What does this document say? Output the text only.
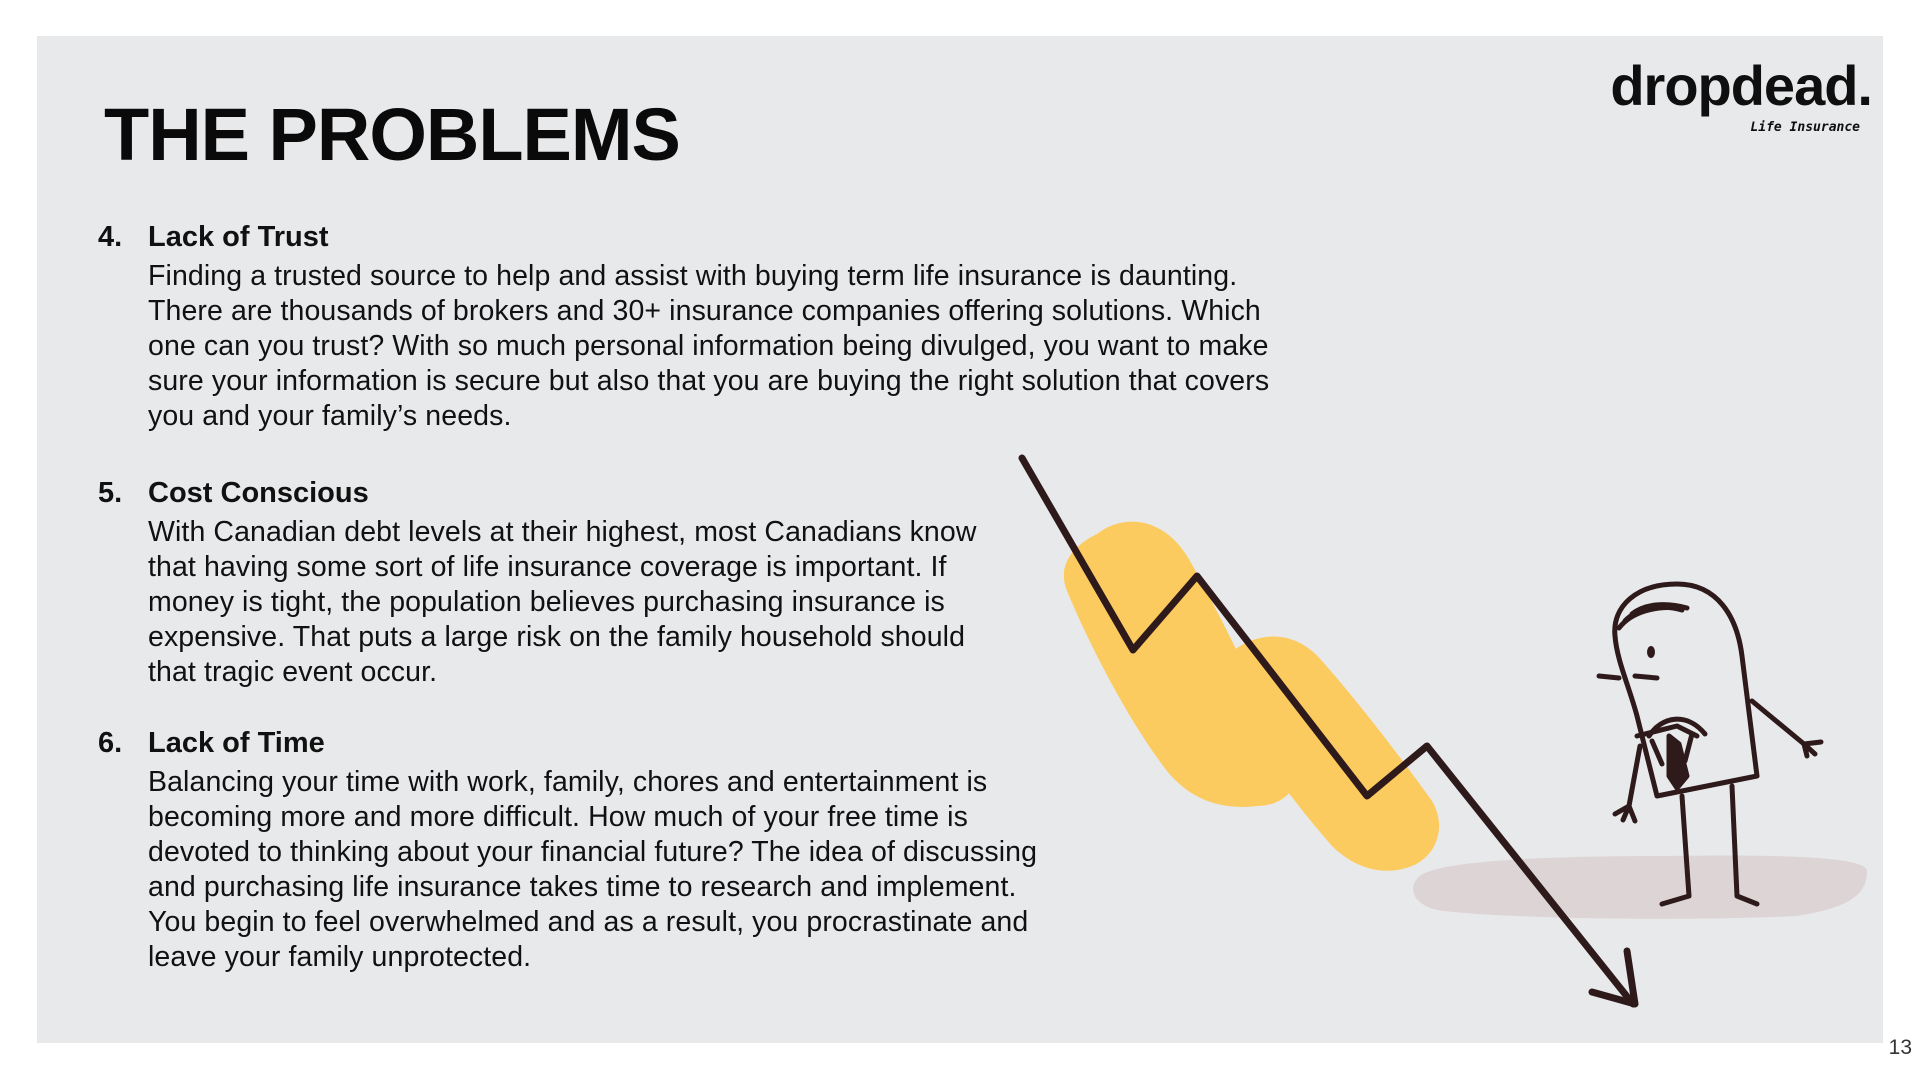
THE PROBLEMS
dropdead.
Life Insurance
4. Lack of Trust

Finding a trusted source to help and assist with buying term life insurance is daunting. There are thousands of brokers and 30+ insurance companies offering solutions. Which one can you trust? With so much personal information being divulged, you want to make sure your information is secure but also that you are buying the right solution that covers you and your family’s needs.

5. Cost Conscious

With Canadian debt levels at their highest, most Canadians know that having some sort of life insurance coverage is important. If money is tight, the population believes purchasing insurance is expensive. That puts a large risk on the family household should that tragic event occur.

6. Lack of Time

Balancing your time with work, family, chores and entertainment is becoming more and more difficult. How much of your free time is devoted to thinking about your financial future? The idea of discussing and purchasing life insurance takes time to research and implement. You begin to feel overwhelmed and as a result, you procrastinate and leave your family unprotected.

13
